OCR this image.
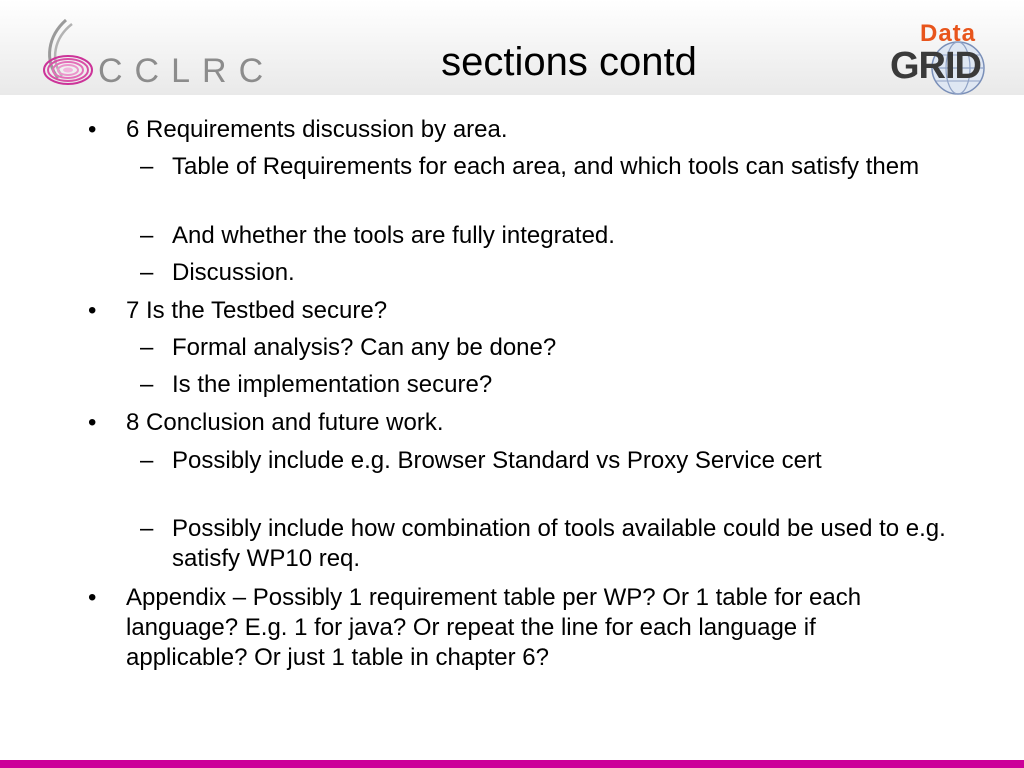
CCLRC	sections contd
Data
GRID
•	6 Requirements discussion by area.
– Table of Requirements for each area, and which tools can satisfy them
– And whether the tools are fully integrated.
– Discussion.
•	7 Is the Testbed secure?
– Formal analysis? Can any be done?
– Is the implementation secure?
•	8 Conclusion and future work.
– Possibly include e.g. Browser Standard vs Proxy Service cert
– Possibly include how combination of tools available could be used to e.g. satisfy WP10 req.
•	Appendix – Possibly 1 requirement table per WP? Or 1 table for each language? E.g. 1 for java? Or repeat the line for each language if applicable? Or just 1 table in chapter 6?
